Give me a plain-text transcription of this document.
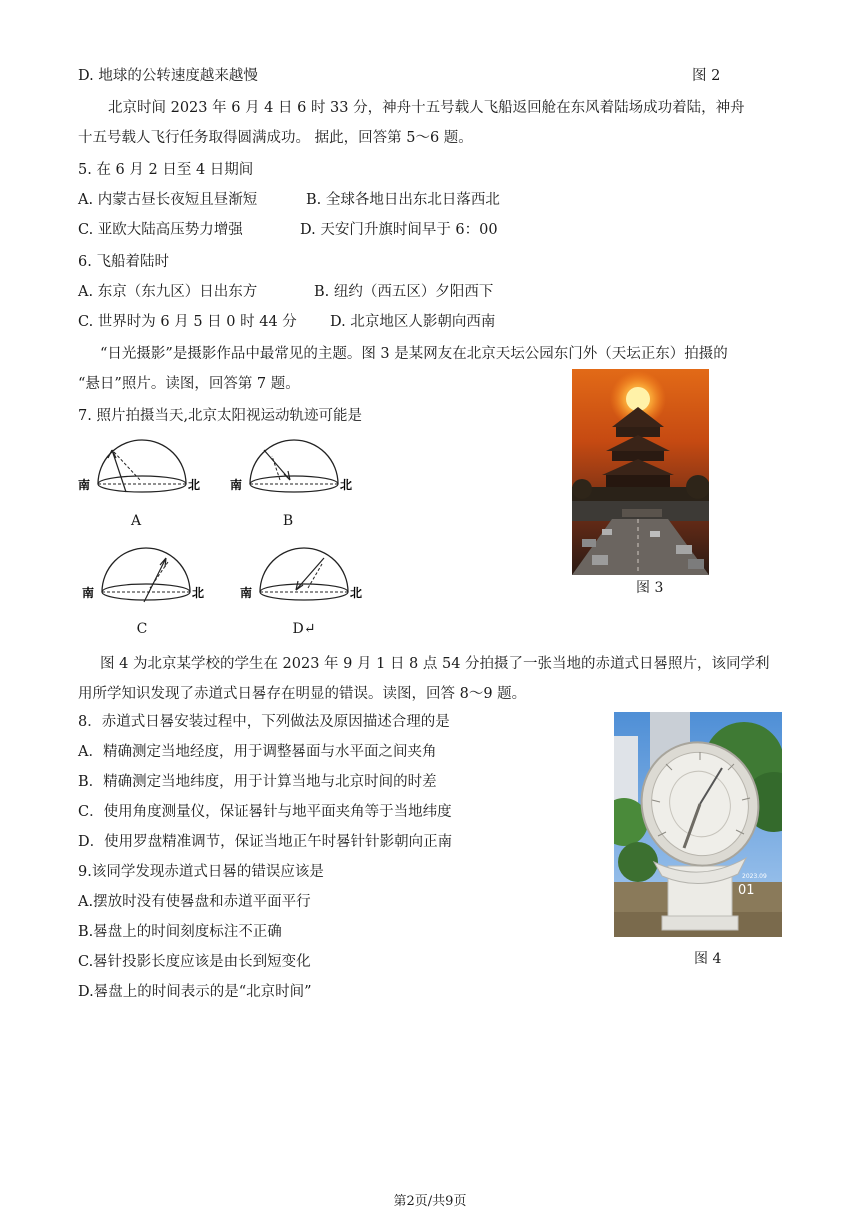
D. 地球的公转速度越来越慢	图 2
北京时间 2023 年 6 月 4 日 6 时 33 分，神舟十五号载人飞船返回舱在东风着陆场成功着陆，神舟
十五号载人飞行任务取得圆满成功。 据此，回答第 5～6 题。
5. 在 6 月 2 日至 4 日期间
A. 内蒙古昼长夜短且昼渐短	B. 全球各地日出东北日落西北
C. 亚欧大陆高压势力增强	D. 天安门升旗时间早于 6：00
6. 飞船着陆时
A. 东京（东九区）日出东方	B. 纽约（西五区）夕阳西下
C. 世界时为 6 月 5 日 0 时 44 分 D. 北京地区人影朝向西南
“日光摄影”是摄影作品中最常见的主题。图 3 是某网友在北京天坛公园东门外（天坛正东）拍摄的
“悬日”照片。读图，回答第 7 题。
7. 照片拍摄当天,北京太阳视运动轨迹可能是
南	北
A
南	北
B
南	北
C
南	北
D↵
图 3
图 4 为北京某学校的学生在 2023 年 9 月 1 日 8 点 54 分拍摄了一张当地的赤道式日晷照片，该同学利
用所学知识发现了赤道式日晷存在明显的错误。读图，回答 8～9 题。
8．赤道式日晷安装过程中，下列做法及原因描述合理的是
A．精确测定当地经度，用于调整晷面与水平面之间夹角
B．精确测定当地纬度，用于计算当地与北京时间的时差
C．使用角度测量仪，保证晷针与地平面夹角等于当地纬度
D．使用罗盘精准调节，保证当地正午时晷针针影朝向正南
9.该同学发现赤道式日晷的错误应该是
A.摆放时没有使晷盘和赤道平面平行
B.晷盘上的时间刻度标注不正确
C.晷针投影长度应该是由长到短变化
D.晷盘上的时间表示的是“北京时间”
2023.09
01
图 4
第2页/共9页
